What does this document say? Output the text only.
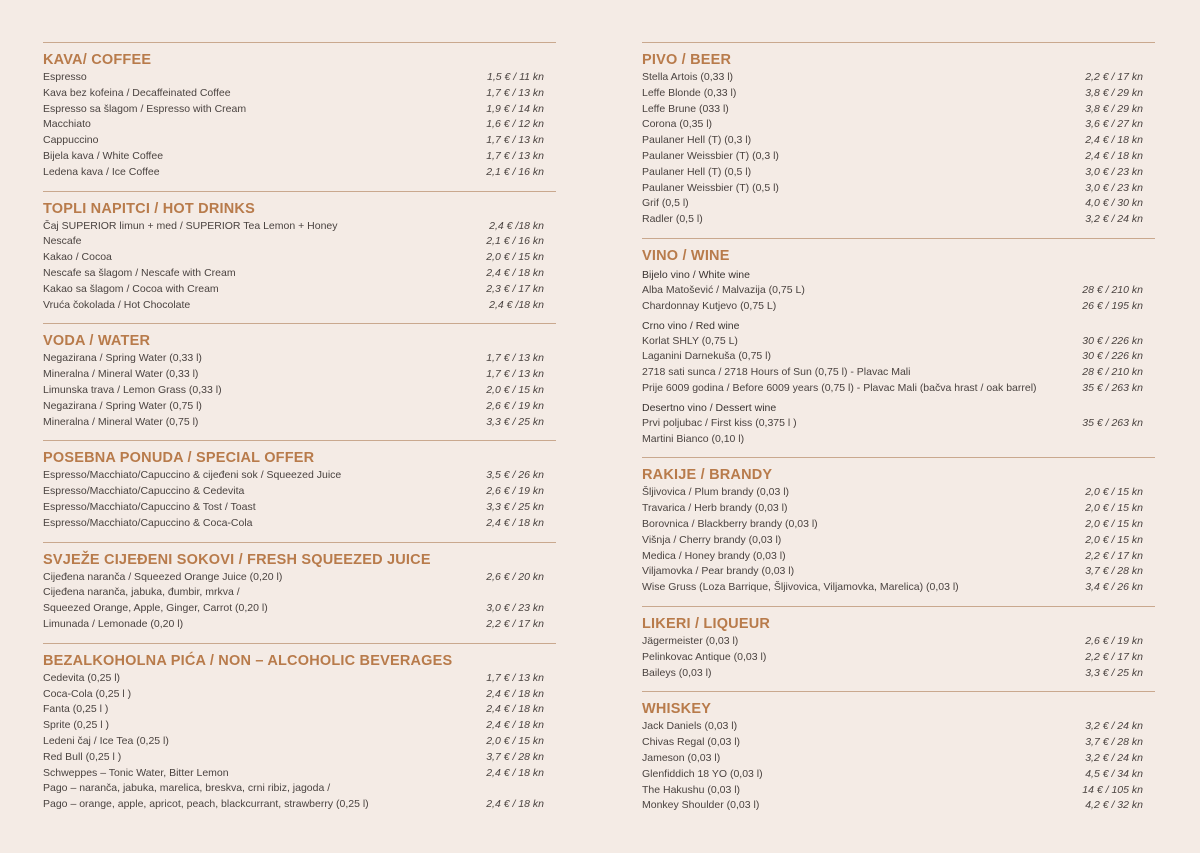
KAVA/ COFFEE
Espresso	1,5 € / 11 kn
Kava bez kofeina / Decaffeinated Coffee	1,7 € / 13 kn
Espresso sa šlagom / Espresso with Cream	1,9 € / 14 kn
Macchiato	1,6 € / 12 kn
Cappuccino	1,7 € / 13 kn
Bijela kava / White Coffee	1,7 € / 13 kn
Ledena kava / Ice Coffee	2,1 € / 16 kn
TOPLI NAPITCI / HOT DRINKS
Čaj SUPERIOR limun + med / SUPERIOR Tea Lemon + Honey	2,4 € /18 kn
Nescafe	2,1 € / 16 kn
Kakao / Cocoa	2,0 € / 15 kn
Nescafe sa šlagom / Nescafe with Cream	2,4 € / 18 kn
Kakao sa šlagom / Cocoa with Cream	2,3 € / 17 kn
Vruća čokolada / Hot Chocolate	2,4 € /18 kn
VODA / WATER
Negazirana / Spring Water (0,33 l)	1,7 € / 13 kn
Mineralna / Mineral Water (0,33 l)	1,7 € / 13 kn
Limunska trava / Lemon Grass (0,33 l)	2,0 € / 15 kn
Negazirana / Spring Water (0,75 l)	2,6 € / 19 kn
Mineralna / Mineral Water (0,75 l)	3,3 € / 25 kn
POSEBNA PONUDA / SPECIAL OFFER
Espresso/Macchiato/Capuccino & cijeđeni sok / Squeezed Juice	3,5 € / 26 kn
Espresso/Macchiato/Capuccino & Cedevita	2,6 € / 19 kn
Espresso/Macchiato/Capuccino & Tost / Toast	3,3 € / 25 kn
Espresso/Macchiato/Capuccino & Coca-Cola	2,4 € / 18 kn
SVJEŽE CIJEĐENI SOKOVI / FRESH SQUEEZED JUICE
Cijeđena naranča / Squeezed Orange Juice (0,20 l)	2,6 € / 20 kn
Cijeđena naranča, jabuka, đumbir, mrkva /
Squeezed Orange, Apple, Ginger, Carrot (0,20 l)	3,0 € / 23 kn
Limunada / Lemonade (0,20 l)	2,2 € / 17 kn
BEZALKOHOLNA PIĆA / NON – ALCOHOLIC BEVERAGES
Cedevita (0,25 l)	1,7 € / 13 kn
Coca-Cola (0,25 l )	2,4 € / 18 kn
Fanta (0,25 l )	2,4 € / 18 kn
Sprite (0,25 l )	2,4 € / 18 kn
Ledeni čaj / Ice Tea (0,25 l)	2,0 € / 15 kn
Red Bull (0,25 l )	3,7 € / 28 kn
Schweppes – Tonic Water, Bitter Lemon	2,4 € / 18 kn
Pago – naranča, jabuka, marelica, breskva, crni ribiz, jagoda /
Pago – orange, apple, apricot, peach, blackcurrant, strawberry (0,25 l)	2,4 € / 18 kn
PIVO / BEER
Stella Artois (0,33 l)	2,2 € / 17 kn
Leffe Blonde (0,33 l)	3,8 € / 29 kn
Leffe Brune (033 l)	3,8 € / 29 kn
Corona (0,35 l)	3,6 € / 27 kn
Paulaner Hell (T) (0,3 l)	2,4 € / 18 kn
Paulaner Weissbier (T) (0,3 l)	2,4 € / 18 kn
Paulaner Hell (T) (0,5 l)	3,0 € / 23 kn
Paulaner Weissbier (T) (0,5 l)	3,0 € / 23 kn
Grif (0,5 l)	4,0 € / 30 kn
Radler (0,5 l)	3,2 € / 24 kn
VINO / WINE
Bijelo vino / White wine
Alba Matošević / Malvazija (0,75 L)	28 € / 210 kn
Chardonnay Kutjevo (0,75 L)	26 € / 195 kn
Crno vino / Red wine
Korlat SHLY (0,75 L)	30 € / 226 kn
Laganini Darnekuša (0,75 l)	30 € / 226 kn
2718 sati sunca / 2718 Hours of Sun (0,75 l) - Plavac Mali	28 € / 210 kn
Prije 6009 godina / Before 6009 years (0,75 l) - Plavac Mali (bačva hrast / oak barrel)	35 € / 263 kn
Desertno vino / Dessert wine
Prvi poljubac / First kiss (0,375 l )	35 € / 263 kn
Martini Bianco (0,10 l)
RAKIJE / BRANDY
Šljivovica / Plum brandy (0,03 l)	2,0 € / 15 kn
Travarica / Herb brandy (0,03 l)	2,0 € / 15 kn
Borovnica / Blackberry brandy (0,03 l)	2,0 € / 15 kn
Višnja / Cherry brandy (0,03 l)	2,0 € / 15 kn
Medica / Honey brandy (0,03 l)	2,2 € / 17 kn
Viljamovka / Pear brandy (0,03 l)	3,7 € / 28 kn
Wise Gruss (Loza Barrique, Šljivovica, Viljamovka, Marelica) (0,03 l)	3,4 € / 26 kn
LIKERI / LIQUEUR
Jägermeister (0,03 l)	2,6 € / 19 kn
Pelinkovac Antique (0,03 l)	2,2 € / 17 kn
Baileys (0,03 l)	3,3 € / 25 kn
WHISKEY
Jack Daniels (0,03 l)	3,2 € / 24 kn
Chivas Regal (0,03 l)	3,7 € / 28 kn
Jameson (0,03 l)	3,2 € / 24 kn
Glenfiddich 18 YO (0,03 l)	4,5 € / 34 kn
The Hakushu (0,03 l)	14 € / 105 kn
Monkey Shoulder (0,03 l)	4,2 € / 32 kn
